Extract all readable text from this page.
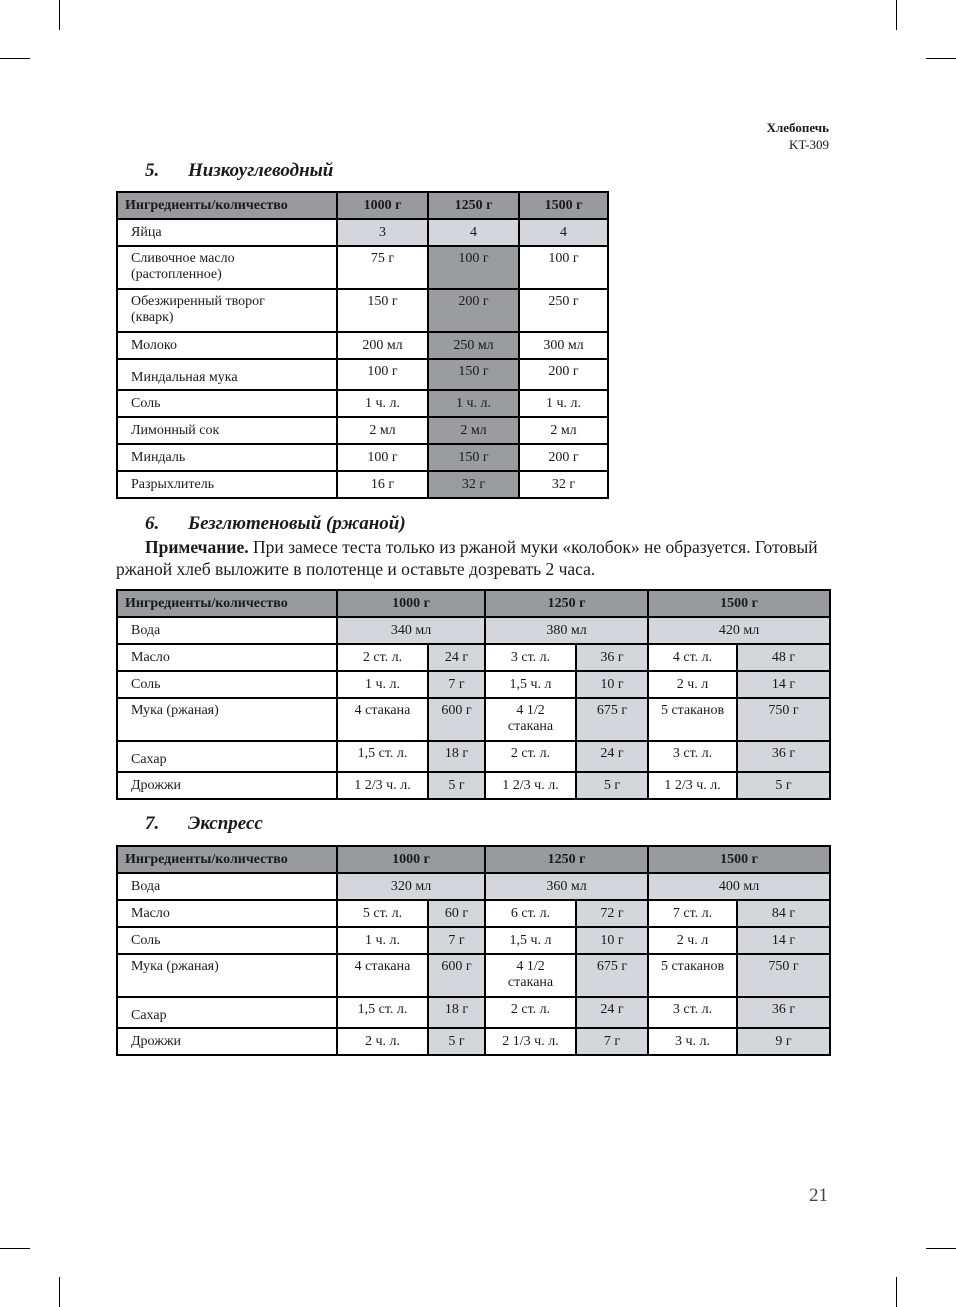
Хлебопечь
KT-309
5. Низкоуглеводный
Ингредиенты/количество	1000 г	1250 г	1500 г
Яйца	3	4	4
Сливочное масло
(растопленное)	75 г	100 г	100 г
Обезжиренный творог
(кварк)	150 г	200 г	250 г
Молоко	200 мл	250 мл	300 мл
Миндальная мука	100 г	150 г	200 г
Соль	1 ч. л.	1 ч. л.	1 ч. л.
Лимонный сок	2 мл	2 мл	2 мл
Миндаль	100 г	150 г	200 г
Разрыхлитель	16 г	32 г	32 г
6. Безглютеновый (ржаной)
Примечание. При замесе теста только из ржаной муки «колобок» не образуется. Готовый ржаной хлеб выложите в полотенце и оставьте дозревать 2 часа.
Ингредиенты/количество	1000 г		1250 г		1500 г	
Вода	340 мл		380 мл		420 мл	
Масло	2 ст. л.	24 г	3 ст. л.	36 г	4 ст. л.	48 г
Соль	1 ч. л.	7 г	1,5 ч. л	10 г	2 ч. л	14 г
Мука (ржаная)	4 стакана	600 г	4 1/2
стакана	675 г	5 стаканов	750 г
Сахар	1,5 ст. л.	18 г	2 ст. л.	24 г	3 ст. л.	36 г
Дрожжи	1 2/3 ч. л.	5 г	1 2/3 ч. л.	5 г	1 2/3 ч. л.	5 г
7. Экспресс
Ингредиенты/количество	1000 г		1250 г		1500 г	
Вода	320 мл		360 мл		400 мл	
Масло	5 ст. л.	60 г	6 ст. л.	72 г	7 ст. л.	84 г
Соль	1 ч. л.	7 г	1,5 ч. л	10 г	2 ч. л	14 г
Мука (ржаная)	4 стакана	600 г	4 1/2
стакана	675 г	5 стаканов	750 г
Сахар	1,5 ст. л.	18 г	2 ст. л.	24 г	3 ст. л.	36 г
Дрожжи	2 ч. л.	5 г	2 1/3 ч. л.	7 г	3 ч. л.	9 г
21
